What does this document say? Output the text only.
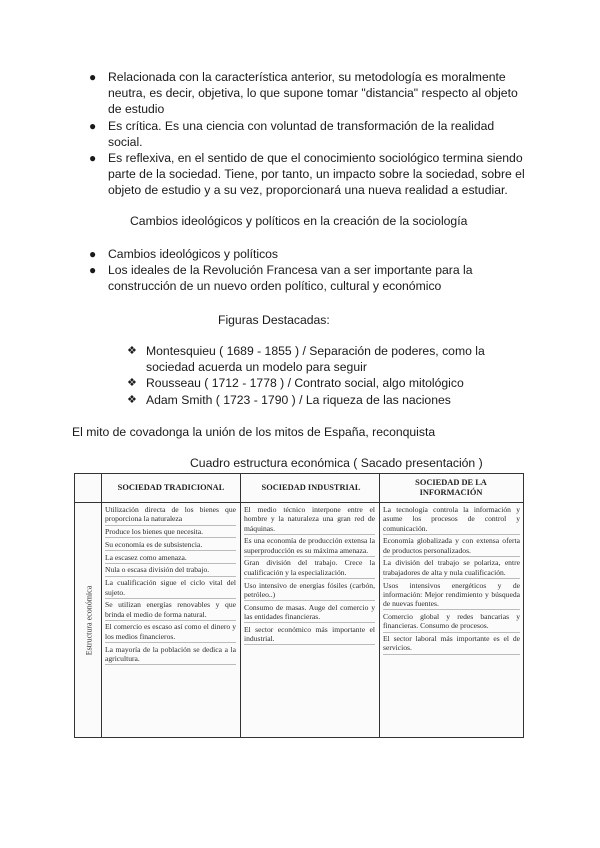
● Relacionada con la característica anterior, su metodología es moralmente neutra, es decir, objetiva, lo que supone tomar "distancia" respecto al objeto de estudio
● Es crítica. Es una ciencia con voluntad de transformación de la realidad social.
● Es reflexiva, en el sentido de que el conocimiento sociológico termina siendo parte de la sociedad. Tiene, por tanto, un impacto sobre la sociedad, sobre el objeto de estudio y a su vez, proporcionará una nueva realidad a estudiar.
Cambios ideológicos y políticos en la creación de la sociología
● Cambios ideológicos y políticos
● Los ideales de la Revolución Francesa van a ser importante para la construcción de un nuevo orden político, cultural y económico
Figuras Destacadas:
❖ Montesquieu ( 1689 - 1855 ) / Separación de poderes, como la sociedad acuerda un modelo para seguir
❖ Rousseau ( 1712 - 1778 ) / Contrato social, algo mitológico
❖ Adam Smith ( 1723 - 1790 ) / La riqueza de las naciones
El mito de covadonga la unión de los mitos de España, reconquista
Cuadro estructura económica ( Sacado presentación )
SOCIEDAD TRADICIONAL	SOCIEDAD INDUSTRIAL
SOCIEDAD DE LA INFORMACIÓN
Estructura económica

Utilización directa de los bienes que proporciona la naturaleza

Produce los bienes que necesita.

Su economía es de subsistencia.

La escasez como amenaza.

Nula o escasa división del trabajo.

La cualificación sigue el ciclo vital del sujeto.

Se utilizan energías renovables y que brinda el medio de forma natural.

El comercio es escaso así como el dinero y los medios financieros.

La mayoría de la población se dedica a la agricultura.

El medio técnico interpone entre el hombre y la naturaleza una gran red de máquinas.

Es una economía de producción extensa la superproducción es su máxima amenaza.

Gran división del trabajo. Crece la cualificación y la especialización.

Uso intensivo de energías fósiles (carbón, petróleo..)

Consumo de masas. Auge del comercio y las entidades financieras.

El sector económico más importante el industrial.

La tecnología controla la información y asume los procesos de control y comunicación.

Economía globalizada y con extensa oferta de productos personalizados.

La división del trabajo se polariza, entre trabajadores de alta y nula cualificación.

Usos intensivos energéticos y de información: Mejor rendimiento y búsqueda de nuevas fuentes.

Comercio global y redes bancarias y financieras. Consumo de procesos.

El sector laboral más importante es el de servicios.
